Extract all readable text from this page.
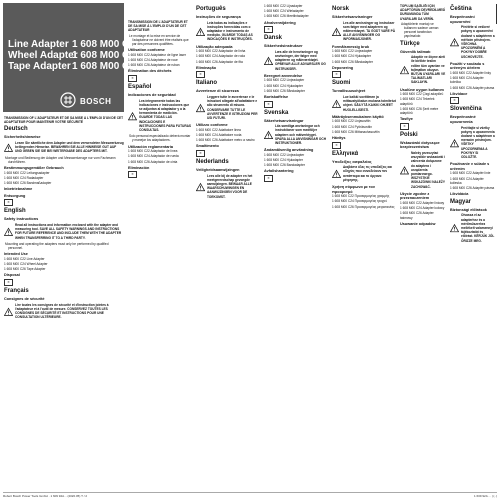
Line Adapter 1 608 M00 C22
Wheel Adapter1 608 M00 C24
Tape Adapter1 608 M00 C26
BOSCH

TRANSMISSION OF L'ADAPTATEUR ET DE SA MISE À L'EMPLOI D'UN DE CET ADAPTATEUR POUR MAINTENIR VOTRE SÉCURITÉ

Deutsch
Sicherheitshinweise

Lesen Sie sämtliche dem Adapter und dem verwendeten Messwerkzeug beiliegenden Hinweise. BEWAHREN SIE ALLE HINWEISE GUT AUF UND GEBEN SIE SIE BEI WEITERGABE DES ADAPTERS MIT.

Montage und Bedienung der Adapter und Messwerkzeuge nur vom Fachmann durchführen.

Bestimmungsgemäßer Gebrauch

1 608 M00 C22 Leitungsadapter

1 608 M00 C24 Radadapter

1 608 M00 C26 Bandmaßadapter

Inbetriebnahme
Entsorgung
✕
English
Safety instructions

Read all instructions and information enclosed with the adapter and measuring tool. SAVE ALL SAFETY WARNINGS AND INSTRUCTIONS FOR FUTURE REFERENCE AND INCLUDE THEM WITH THE ADAPTER WHEN TRANSFERRING IT TO A THIRD PARTY.

Mounting and operating the adapters must only be performed by qualified personnel.

Intended Use

1 608 M00 C22 Line Adapter

1 608 M00 C24 Wheel Adapter

1 608 M00 C26 Tape Adapter

Disposal
✕
Français
Consignes de sécurité

Lire toutes les consignes de sécurité et d'instruction jointes à l'adaptateur et à l'outil de mesure. CONSERVEZ TOUTES LES CONSIGNES DE SÉCURITÉ ET INSTRUCTIONS POUR UNE CONSULTATION ULTÉRIEURE.

TRANSMISSION DE L'ADAPTATEUR ET DE SA MISE À L'EMPLOI D'UN DE CET ADAPTATEUR

Le montage et la mise en service de l'adaptateur ne doivent être réalisés que par des personnes qualifiées.

Utilisation conforme

1 608 M00 C22 Adaptateur de ligne laser

1 608 M00 C24 Adaptateur de roue

1 608 M00 C26 Adaptateur de ruban

Élimination des déchets
✕
Español
Indicaciones de seguridad

Lea íntegramente todas las indicaciones e instrucciones que se adjuntan al adaptador y a la herramienta de medición. GUARDE TODAS LAS INDICACIONES E INSTRUCCIONES PARA FUTURAS CONSULTAS.

Solo personal especializado deberá montar y manejar los adaptadores.

Utilización reglamentaria

1 608 M00 C22 Adaptador de línea

1 608 M00 C24 Adaptador de rueda

1 608 M00 C26 Adaptador de cinta

Eliminación
✕
Português
Instruções de segurança

Leia todas as indicações e instruções fornecidas com o adaptador e instrumento de medição. GUARDE TODAS AS INDICAÇÕES E INSTRUÇÕES.

Utilização adequada

1 608 M00 C22 Adaptador de linha

1 608 M00 C24 Adaptador de roda

1 608 M00 C26 Adaptador de fita

Eliminação
✕
Italiano
Avvertenze di sicurezza

Leggere tutte le avvertenze e le istruzioni allegate all'adattatore e allo strumento di misura. CONSERVARE TUTTE LE AVVERTENZE E ISTRUZIONI PER USI FUTURI.

Utilizzo conforme

1 608 M00 C22 Adattatore linea

1 608 M00 C24 Adattatore ruota

1 608 M00 C26 Adattatore metro a nastro

Smaltimento
✕
Nederlands
Veiligheidsaanwijzingen

Lees alle bij de adapter en het meetgereedschap gevoegde aanwijzingen. BEWAAR ALLE WAARSCHUWINGEN EN AANWIJZINGEN VOOR DE TOEKOMST.

1 608 M00 C22 Lijnadapter

1 608 M00 C24 Wieladapter

1 608 M00 C26 Meetlintadapter

Afvalverwijdering
✕
Dansk
Sikkerhedsinstrukser

Læs alle de henvisninger og anvisninger, der følger med adapteren og måleværktøjet. OPBEVAR ALLE ADVARSLER OG INSTRUKSER.

Beregnet anvendelse

1 608 M00 C22 Linjeadapter

1 608 M00 C24 Hjuladapter

1 608 M00 C26 Båndadapter

Bortskaffelse
✕
Svenska
Säkerhetsanvisningar

Läs samtliga anvisningar och instruktioner som medföljer adaptern och mätverktyget. SPARA ALLA ANVISNINGAR OCH INSTRUKTIONER.

Ändamålsenlig användning

1 608 M00 C22 Linjeadapter

1 608 M00 C24 Hjuladapter

1 608 M00 C26 Bandadapter

Avfallshantering
✕
Norsk
Sikkerhetsanvisninger

Les alle anvisninger og instrukser som følger med adapteren og måleverktøyet. TA GODT VARE PÅ ALLE ANVISNINGER OG INFORMASJONER.

Formålsmessig bruk

1 608 M00 C22 Linjeadapter

1 608 M00 C24 Hjuladapter

1 608 M00 C26 Båndadapter

Deponering
✕
Suomi
Turvallisuusohjeet

Lue kaikki sovittimen ja mittaustyökalun mukana toimitetut ohjeet. SÄILYTÄ KAIKKI OHJEET HUOLELLISESTI.

Määräyksenmukainen käyttö

1 608 M00 C22 Linjasovitin

1 608 M00 C24 Pyöräsovitin

1 608 M00 C26 Mittanauhasovitin

Hävitys
✕
Ελληνικά
Υποδείξεις ασφαλείας

Διαβάστε όλες τις υποδείξεις και οδηγίες που συνοδεύουν τον αντάπτορα και το όργανο μέτρησης.

Χρήση σύμφωνα με τον προορισμό

1 608 M00 C22 Προσαρμογέας γραμμής

1 608 M00 C24 Προσαρμογέας τροχού

1 608 M00 C26 Προσαρμογέας μετροταινίας

TOPLUM SAĞLIĞI İÇİN ADAPTÖRÜN DEVREDİLMESİ DURUMUNDA TÜM UYARILARI DA VERİN.

Adaptörlerin montajı ve kullanımı sadece uzman personel tarafından yapılmalıdır.

Türkçe
Güvenlik talimatı

Adaptör ve ölçme aleti ile birlikte teslim edilen tüm uyarıları ve talimatları okuyun. BÜTÜN UYARILARI VE TALİMATLARI SAKLAYIN.

Usulüne uygun kullanım

1 608 M00 C22 Çizgi adaptörü

1 608 M00 C24 Tekerlek adaptörü

1 608 M00 C26 Şerit metre adaptörü

Tasfiye
✕
Polski
Wskazówki dotyczące bezpieczeństwa

Należy przeczytać wszystkie wskazówki i zalecenia dołączone do adaptera i urządzenia pomiarowego. WSZYSTKIE WSKAZÓWKI NALEŻY ZACHOWAĆ.

Użycie zgodne z przeznaczeniem

1 608 M00 C22 Adapter liniowy

1 608 M00 C24 Adapter kołowy

1 608 M00 C26 Adapter taśmowy

Usuwanie odpadów
Čeština
Bezpečnostní upozornění

Přečtěte si veškeré pokyny a upozornění dodané s adaptérem a měřicím přístrojem. VŠECHNA UPOZORNĚNÍ A POKYNY DOBŘE USCHOVEJTE.

Použití v souladu s určeným účelem

1 608 M00 C22 Adaptér linky

1 608 M00 C24 Adaptér kolečka

1 608 M00 C26 Adaptér pásma

Likvidace
✕
Slovenčina
Bezpečnostné upozornenia

Prečítajte si všetky pokyny a upozornenia dodané s adaptérom a meracím prístrojom. VŠETKY UPOZORNENIA A POKYNY SI ODLOŽTE.

Používanie v súlade s určením

1 608 M00 C22 Adaptér línie

1 608 M00 C24 Adaptér kolieska

1 608 M00 C26 Adaptér pásma

Likvidácia
Magyar
Biztonsági előírások

Olvassa el az adapterhez és a mérőműszerhez mellékelt valamennyi tájékoztatót és előírást. KÉRJÜK JÓL ŐRIZZE MEG.

Robert Bosch Power Tools GmbH · 1 609 92A... (2020.05) T / 2	1 609 92A ... | (..)
